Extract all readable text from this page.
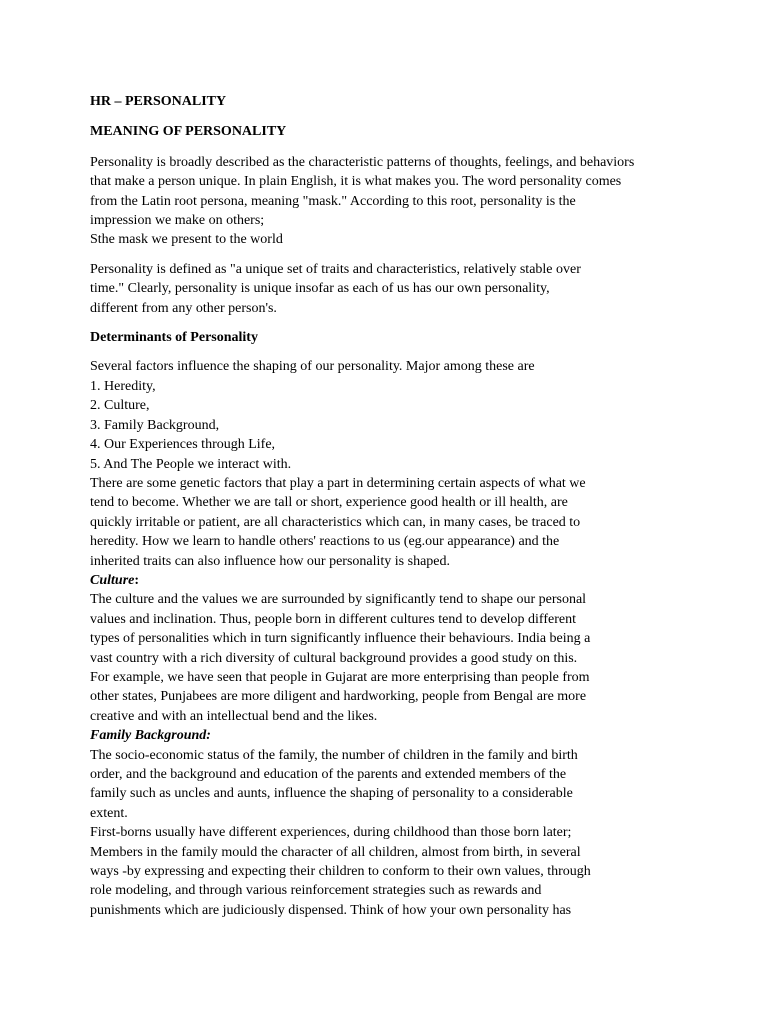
HR – PERSONALITY
MEANING OF PERSONALITY
Personality is broadly described as the characteristic patterns of thoughts, feelings, and behaviors
that make a person unique. In plain English, it is what makes you. The word personality comes
from the Latin root persona, meaning "mask." According to this root, personality is the
impression we make on others;
Sthe mask we present to the world
Personality is defined as "a unique set of traits and characteristics, relatively stable over
time." Clearly, personality is unique insofar as each of us has our own personality,
different from any other person's.
Determinants of Personality
Several factors influence the shaping of our personality. Major among these are
1. Heredity,
2. Culture,
3. Family Background,
4. Our Experiences through Life,
5. And The People we interact with.
There are some genetic factors that play a part in determining certain aspects of what we
tend to become. Whether we are tall or short, experience good health or ill health, are
quickly irritable or patient, are all characteristics which can, in many cases, be traced to
heredity. How we learn to handle others' reactions to us (eg.our appearance) and the
inherited traits can also influence how our personality is shaped.
Culture:
The culture and the values we are surrounded by significantly tend to shape our personal
values and inclination. Thus, people born in different cultures tend to develop different
types of personalities which in turn significantly influence their behaviours. India being a
vast country with a rich diversity of cultural background provides a good study on this.
For example, we have seen that people in Gujarat are more enterprising than people from
other states, Punjabees are more diligent and hardworking, people from Bengal are more
creative and with an intellectual bend and the likes.
Family Background:
The socio-economic status of the family, the number of children in the family and birth
order, and the background and education of the parents and extended members of the
family such as uncles and aunts, influence the shaping of personality to a considerable
extent.
First-borns usually have different experiences, during childhood than those born later;
Members in the family mould the character of all children, almost from birth, in several
ways -by expressing and expecting their children to conform to their own values, through
role modeling, and through various reinforcement strategies such as rewards and
punishments which are judiciously dispensed. Think of how your own personality has
